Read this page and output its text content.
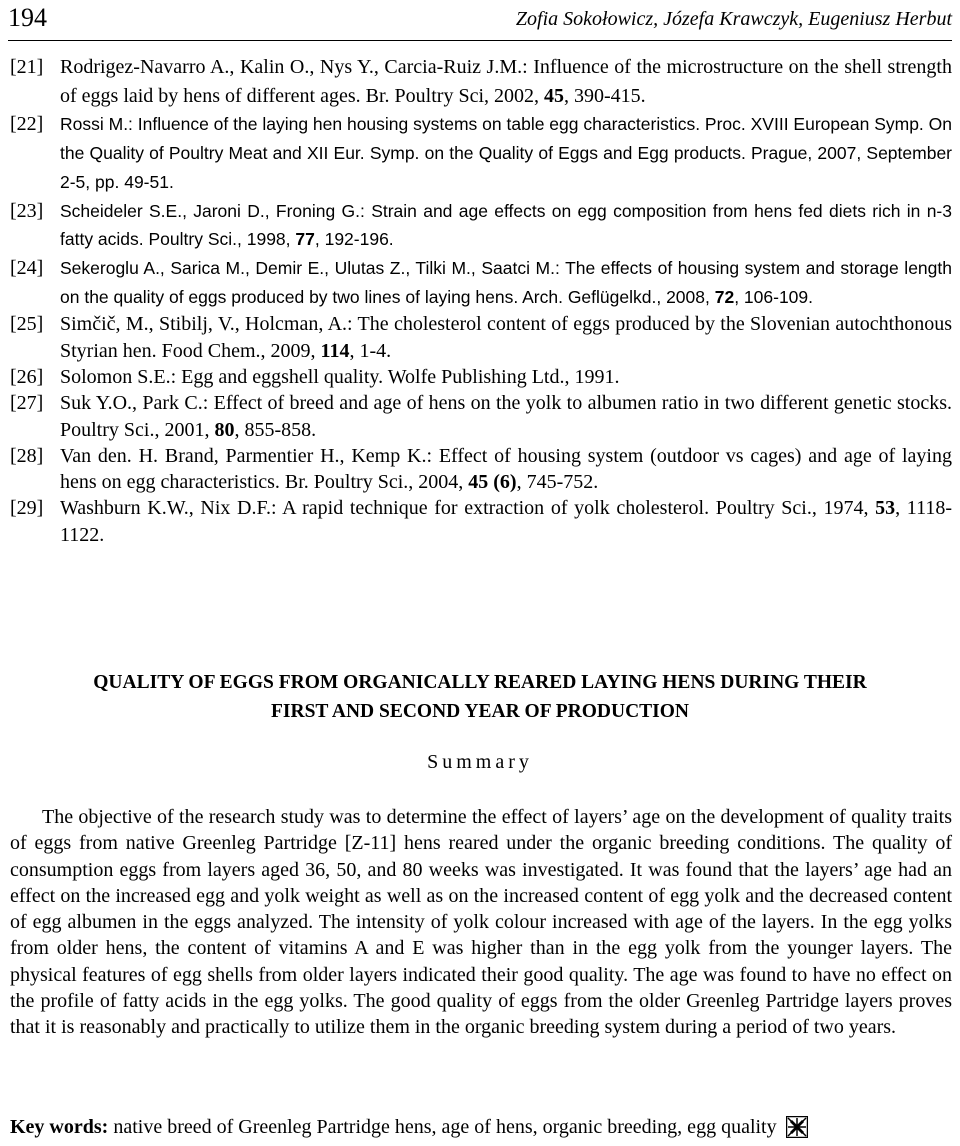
194	Zofia Sokołowicz, Józefa Krawczyk, Eugeniusz Herbut
[21] Rodrigez-Navarro A., Kalin O., Nys Y., Carcia-Ruiz J.M.: Influence of the microstructure on the shell strength of eggs laid by hens of different ages. Br. Poultry Sci, 2002, 45, 390-415.
[22] Rossi M.: Influence of the laying hen housing systems on table egg characteristics. Proc. XVIII European Symp. On the Quality of Poultry Meat and XII Eur. Symp. on the Quality of Eggs and Egg products. Prague, 2007, September 2-5, pp. 49-51.
[23] Scheideler S.E., Jaroni D., Froning G.: Strain and age effects on egg composition from hens fed diets rich in n-3 fatty acids. Poultry Sci., 1998, 77, 192-196.
[24] Sekeroglu A., Sarica M., Demir E., Ulutas Z., Tilki M., Saatci M.: The effects of housing system and storage length on the quality of eggs produced by two lines of laying hens. Arch. Geflügelkd., 2008, 72, 106-109.
[25] Simčič, M., Stibilj, V., Holcman, A.: The cholesterol content of eggs produced by the Slovenian autochthonous Styrian hen. Food Chem., 2009, 114, 1-4.
[26] Solomon S.E.: Egg and eggshell quality. Wolfe Publishing Ltd., 1991.
[27] Suk Y.O., Park C.: Effect of breed and age of hens on the yolk to albumen ratio in two different genetic stocks. Poultry Sci., 2001, 80, 855-858.
[28] Van den. H. Brand, Parmentier H., Kemp K.: Effect of housing system (outdoor vs cages) and age of laying hens on egg characteristics. Br. Poultry Sci., 2004, 45 (6), 745-752.
[29] Washburn K.W., Nix D.F.: A rapid technique for extraction of yolk cholesterol. Poultry Sci., 1974, 53, 1118-1122.
QUALITY OF EGGS FROM ORGANICALLY REARED LAYING HENS DURING THEIR
FIRST AND SECOND YEAR OF PRODUCTION
Summary

The objective of the research study was to determine the effect of layers’ age on the development of quality traits of eggs from native Greenleg Partridge [Z-11] hens reared under the organic breeding conditions. The quality of consumption eggs from layers aged 36, 50, and 80 weeks was investigated. It was found that the layers’ age had an effect on the increased egg and yolk weight as well as on the increased content of egg yolk and the decreased content of egg albumen in the eggs analyzed. The intensity of yolk colour increased with age of the layers. In the egg yolks from older hens, the content of vitamins A and E was higher than in the egg yolk from the younger layers. The physical features of egg shells from older layers indicated their good quality. The age was found to have no effect on the profile of fatty acids in the egg yolks. The good quality of eggs from the older Greenleg Partridge layers proves that it is reasonably and practically to utilize them in the organic breeding system during a period of two years.

Key words: native breed of Greenleg Partridge hens, age of hens, organic breeding, egg quality
